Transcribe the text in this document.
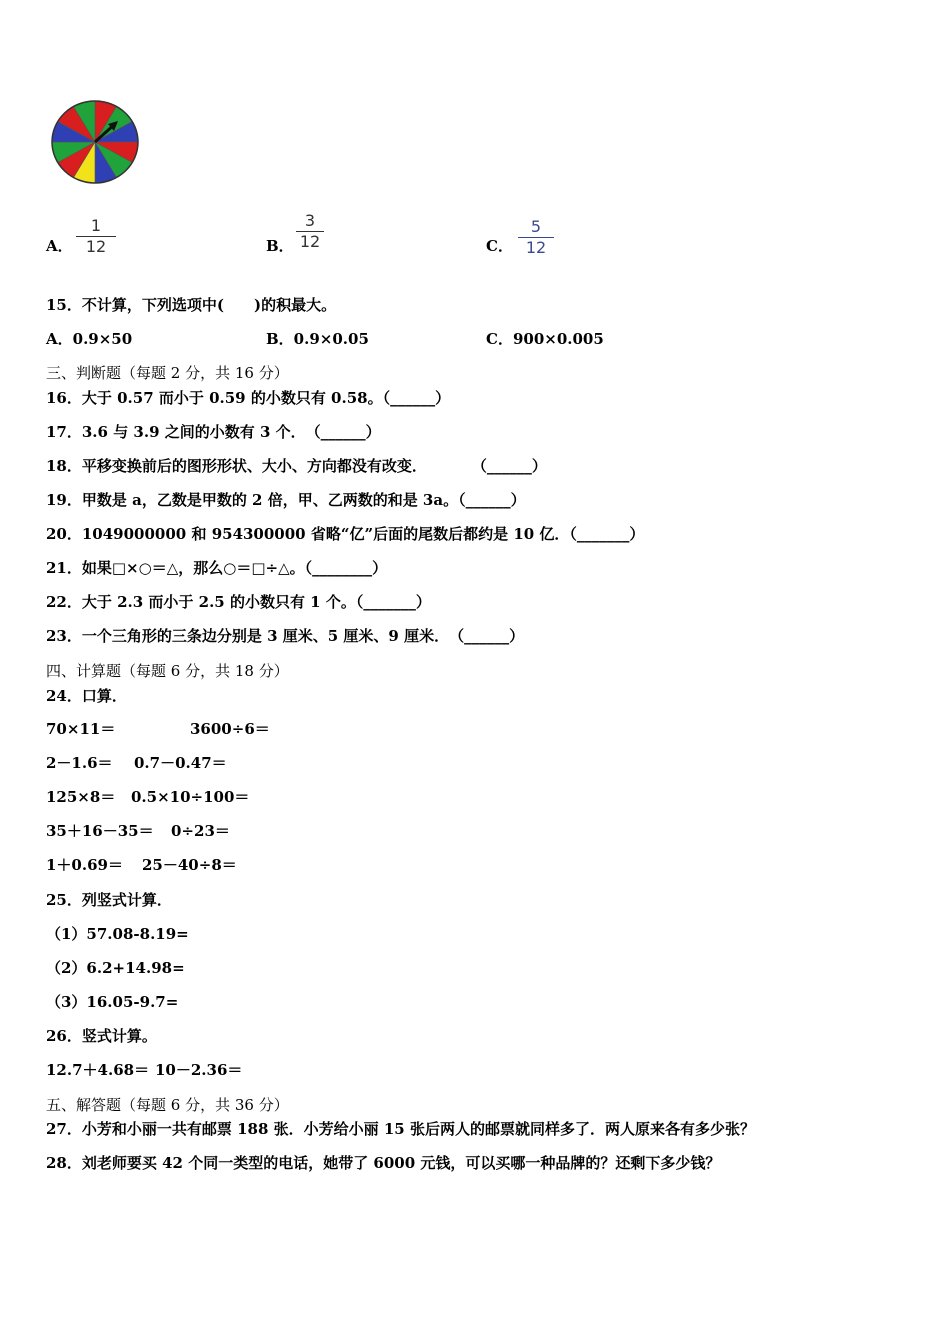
A．
1
12	B．
3
12	C．
5
12
15．不计算，下列选项中(　　)的积最大。
A．0.9×50	B．0.9×0.05	C．900×0.005
三、判断题（每题 2 分，共 16 分）
16．大于 0.57 而小于 0.59 的小数只有 0.58。（______）
17．3.6 与 3.9 之间的小数有 3 个．　（______）
18．平移变换前后的图形形状、大小、方向都没有改变．　　　　（______）
19．甲数是 a，乙数是甲数的 2 倍，甲、乙两数的和是 3a。（______）
20．1049000000 和 954300000 省略“亿”后面的尾数后都约是 10 亿．（_______）
21．如果□×○＝△，那么○＝□÷△。（________）
22．大于 2.3 而小于 2.5 的小数只有 1 个。（_______）
23．一个三角形的三条边分别是 3 厘米、5 厘米、9 厘米．　（______）
四、计算题（每题 6 分，共 18 分）
24．口算．
70×11＝	3600÷6＝
2－1.6＝ 0.7－0.47＝
125×8＝ 0.5×10÷100＝
35＋16－35＝ 0÷23＝
1＋0.69＝ 25－40÷8＝
25．列竖式计算．
（1）57.08-8.19=
（2）6.2+14.98=
（3）16.05-9.7=
26．竖式计算。
12.7＋4.68＝ 10－2.36＝
五、解答题（每题 6 分，共 36 分）
27．小芳和小丽一共有邮票 188 张．小芳给小丽 15 张后两人的邮票就同样多了．两人原来各有多少张？
28．刘老师要买 42 个同一类型的电话，她带了 6000 元钱，可以买哪一种品牌的？还剩下多少钱？
